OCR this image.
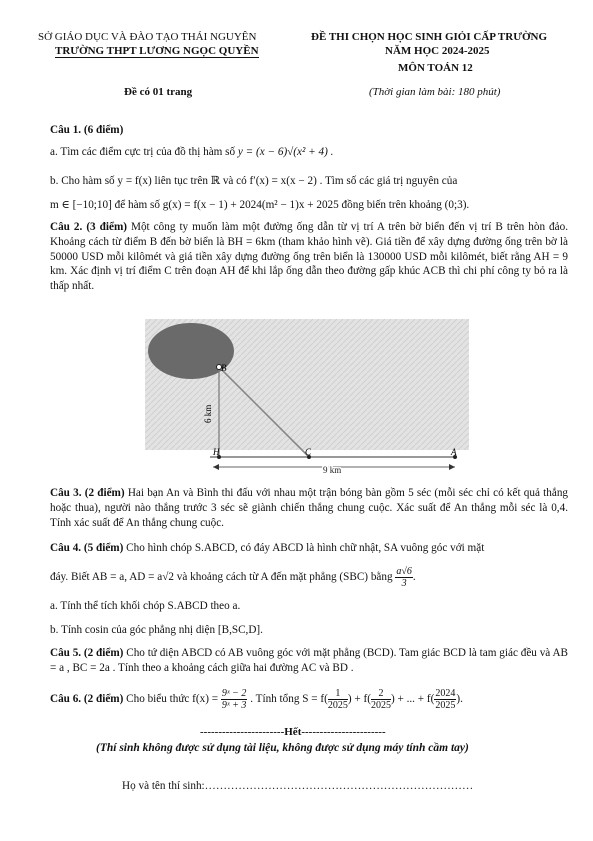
SỞ GIÁO DỤC VÀ ĐÀO TẠO THÁI NGUYÊN
TRƯỜNG THPT LƯƠNG NGỌC QUYỀN
ĐỀ THI CHỌN HỌC SINH GIỎI CẤP TRƯỜNG
NĂM HỌC 2024-2025
MÔN TOÁN 12
Đề có 01 trang	(Thời gian làm bài: 180 phút)
Câu 1. (6 điểm)
a. Tìm các điểm cực trị của đồ thị hàm số y = (x − 6)√(x² + 4) .
b. Cho hàm số y = f(x) liên tục trên ℝ và có f′(x) = x(x − 2) . Tìm số các giá trị nguyên của
m ∈ [−10;10] để hàm số g(x) = f(x − 1) + 2024(m² − 1)x + 2025 đồng biến trên khoảng (0;3).
Câu 2. (3 điểm) Một công ty muốn làm một đường ống dẫn từ vị trí A trên bờ biển đến vị trí B trên hòn đảo. Khoảng cách từ điểm B đến bờ biển là BH = 6km (tham khảo hình vẽ). Giá tiền để xây dựng đường ống trên bờ là 50000 USD mỗi kilômét và giá tiền xây dựng đường ống trên biển là 130000 USD mỗi kilômét, biết rằng AH = 9 km. Xác định vị trí điểm C trên đoạn AH để khi lắp ống dẫn theo đường gấp khúc ACB thì chi phí công ty bỏ ra là thấp nhất.
B
H	C	A
6 km
9 km
Câu 3. (2 điểm) Hai bạn An và Bình thi đấu với nhau một trận bóng bàn gồm 5 séc (mỗi séc chỉ có kết quả thắng hoặc thua), người nào thắng trước 3 séc sẽ giành chiến thắng chung cuộc. Xác suất để An thắng mỗi séc là 0,4. Tính xác suất để An thắng chung cuộc.
Câu 4. (5 điểm) Cho hình chóp S.ABCD, có đáy ABCD là hình chữ nhật, SA vuông góc với mặt
đáy. Biết AB = a, AD = a√2 và khoảng cách từ A đến mặt phẳng (SBC) bằng $\frac{a√6}{3}$ .
a. Tính thể tích khối chóp S.ABCD theo a.
b. Tính cosin của góc phẳng nhị diện [B,SC,D].
Câu 5. (2 điểm) Cho tứ diện ABCD có AB vuông góc với mặt phẳng (BCD). Tam giác BCD là tam giác đều và AB = a , BC = 2a . Tính theo a khoảng cách giữa hai đường AC và BD .
Câu 6. (2 điểm) Cho biểu thức $f(x) = \frac{\text{9ˣ − 2}}{\text{9ˣ + 3}}$ . Tính tổng $S = f( \frac{1}{2025}$ ) + $f( \frac{2}{2025}$ ) + ... + $f( \frac{2024}{2025}$ ).
-----------------------Hết-----------------------
(Thí sinh không được sử dụng tài liệu, không được sử dụng máy tính cầm tay)
Họ và tên thí sinh:………………………………………………………………
